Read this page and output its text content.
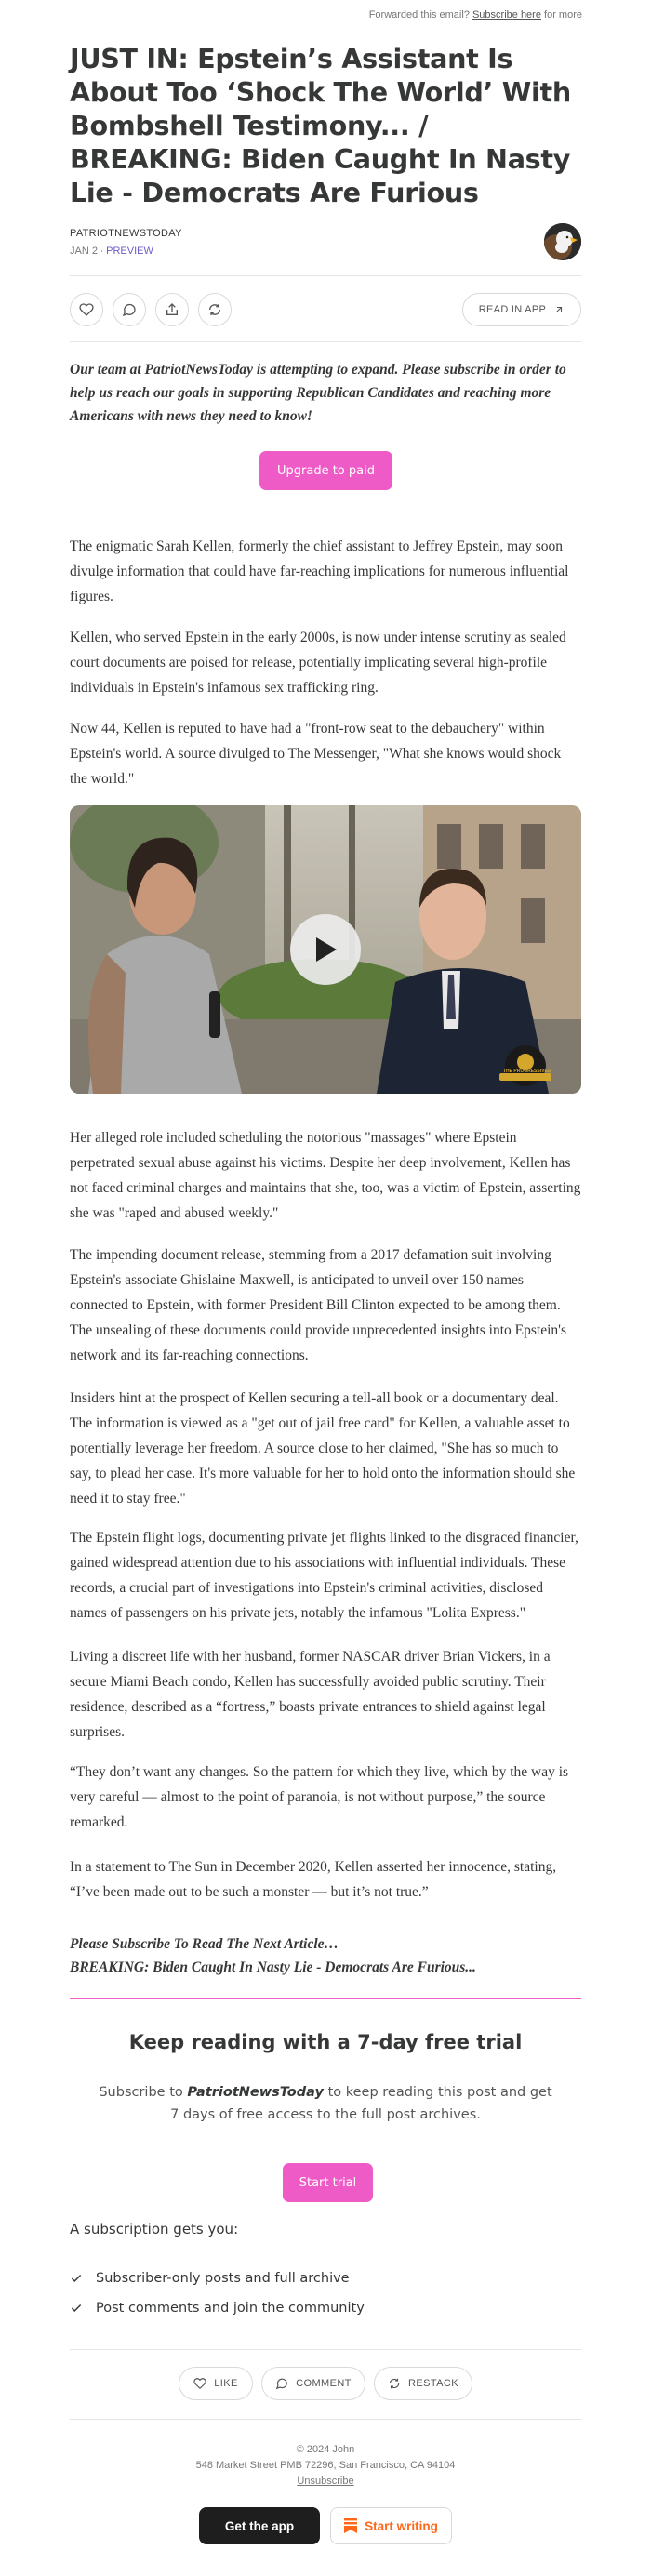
Forwarded this email? Subscribe here for more
JUST IN: Epstein’s Assistant Is About Too ‘Shock The World’ With Bombshell Testimony... / BREAKING: Biden Caught In Nasty Lie - Democrats Are Furious
PATRIOTNEWSTODAY
JAN 2 ∙ PREVIEW
READ IN APP

Our team at PatriotNewsToday is attempting to expand. Please subscribe in order to help us reach our goals in supporting Republican Candidates and reaching more Americans with news they need to know!

Upgrade to paid

The enigmatic Sarah Kellen, formerly the chief assistant to Jeffrey Epstein, may soon divulge information that could have far-reaching implications for numerous influential figures.

Kellen, who served Epstein in the early 2000s, is now under intense scrutiny as sealed court documents are poised for release, potentially implicating several high-profile individuals in Epstein's infamous sex trafficking ring.

Now 44, Kellen is reputed to have had a "front-row seat to the debauchery" within Epstein's world. A source divulged to The Messenger, "What she knows would shock the world."

THE PROGRESSIVES

Her alleged role included scheduling the notorious "massages" where Epstein perpetrated sexual abuse against his victims. Despite her deep involvement, Kellen has not faced criminal charges and maintains that she, too, was a victim of Epstein, asserting she was "raped and abused weekly."

The impending document release, stemming from a 2017 defamation suit involving Epstein's associate Ghislaine Maxwell, is anticipated to unveil over 150 names connected to Epstein, with former President Bill Clinton expected to be among them. The unsealing of these documents could provide unprecedented insights into Epstein's network and its far-reaching connections.

Insiders hint at the prospect of Kellen securing a tell-all book or a documentary deal. The information is viewed as a "get out of jail free card" for Kellen, a valuable asset to potentially leverage her freedom. A source close to her claimed, "She has so much to say, to plead her case. It's more valuable for her to hold onto the information should she need it to stay free."

The Epstein flight logs, documenting private jet flights linked to the disgraced financier, gained widespread attention due to his associations with influential individuals. These records, a crucial part of investigations into Epstein's criminal activities, disclosed names of passengers on his private jets, notably the infamous "Lolita Express."

Living a discreet life with her husband, former NASCAR driver Brian Vickers, in a secure Miami Beach condo, Kellen has successfully avoided public scrutiny. Their residence, described as a “fortress,” boasts private entrances to shield against legal surprises.

“They don’t want any changes. So the pattern for which they live, which by the way is very careful — almost to the point of paranoia, is not without purpose,” the source remarked.

In a statement to The Sun in December 2020, Kellen asserted her innocence, stating, “I’ve been made out to be such a monster — but it’s not true.”

Please Subscribe To Read The Next Article…
BREAKING: Biden Caught In Nasty Lie - Democrats Are Furious...
Keep reading with a 7-day free trial

Subscribe to PatriotNewsToday to keep reading this post and get 7 days of free access to the full post archives.

Start trial
A subscription gets you:
Subscriber-only posts and full archive
Post comments and join the community
LIKE	COMMENT	RESTACK
© 2024 John
548 Market Street PMB 72296, San Francisco, CA 94104
Unsubscribe
Get the app	Start writing
